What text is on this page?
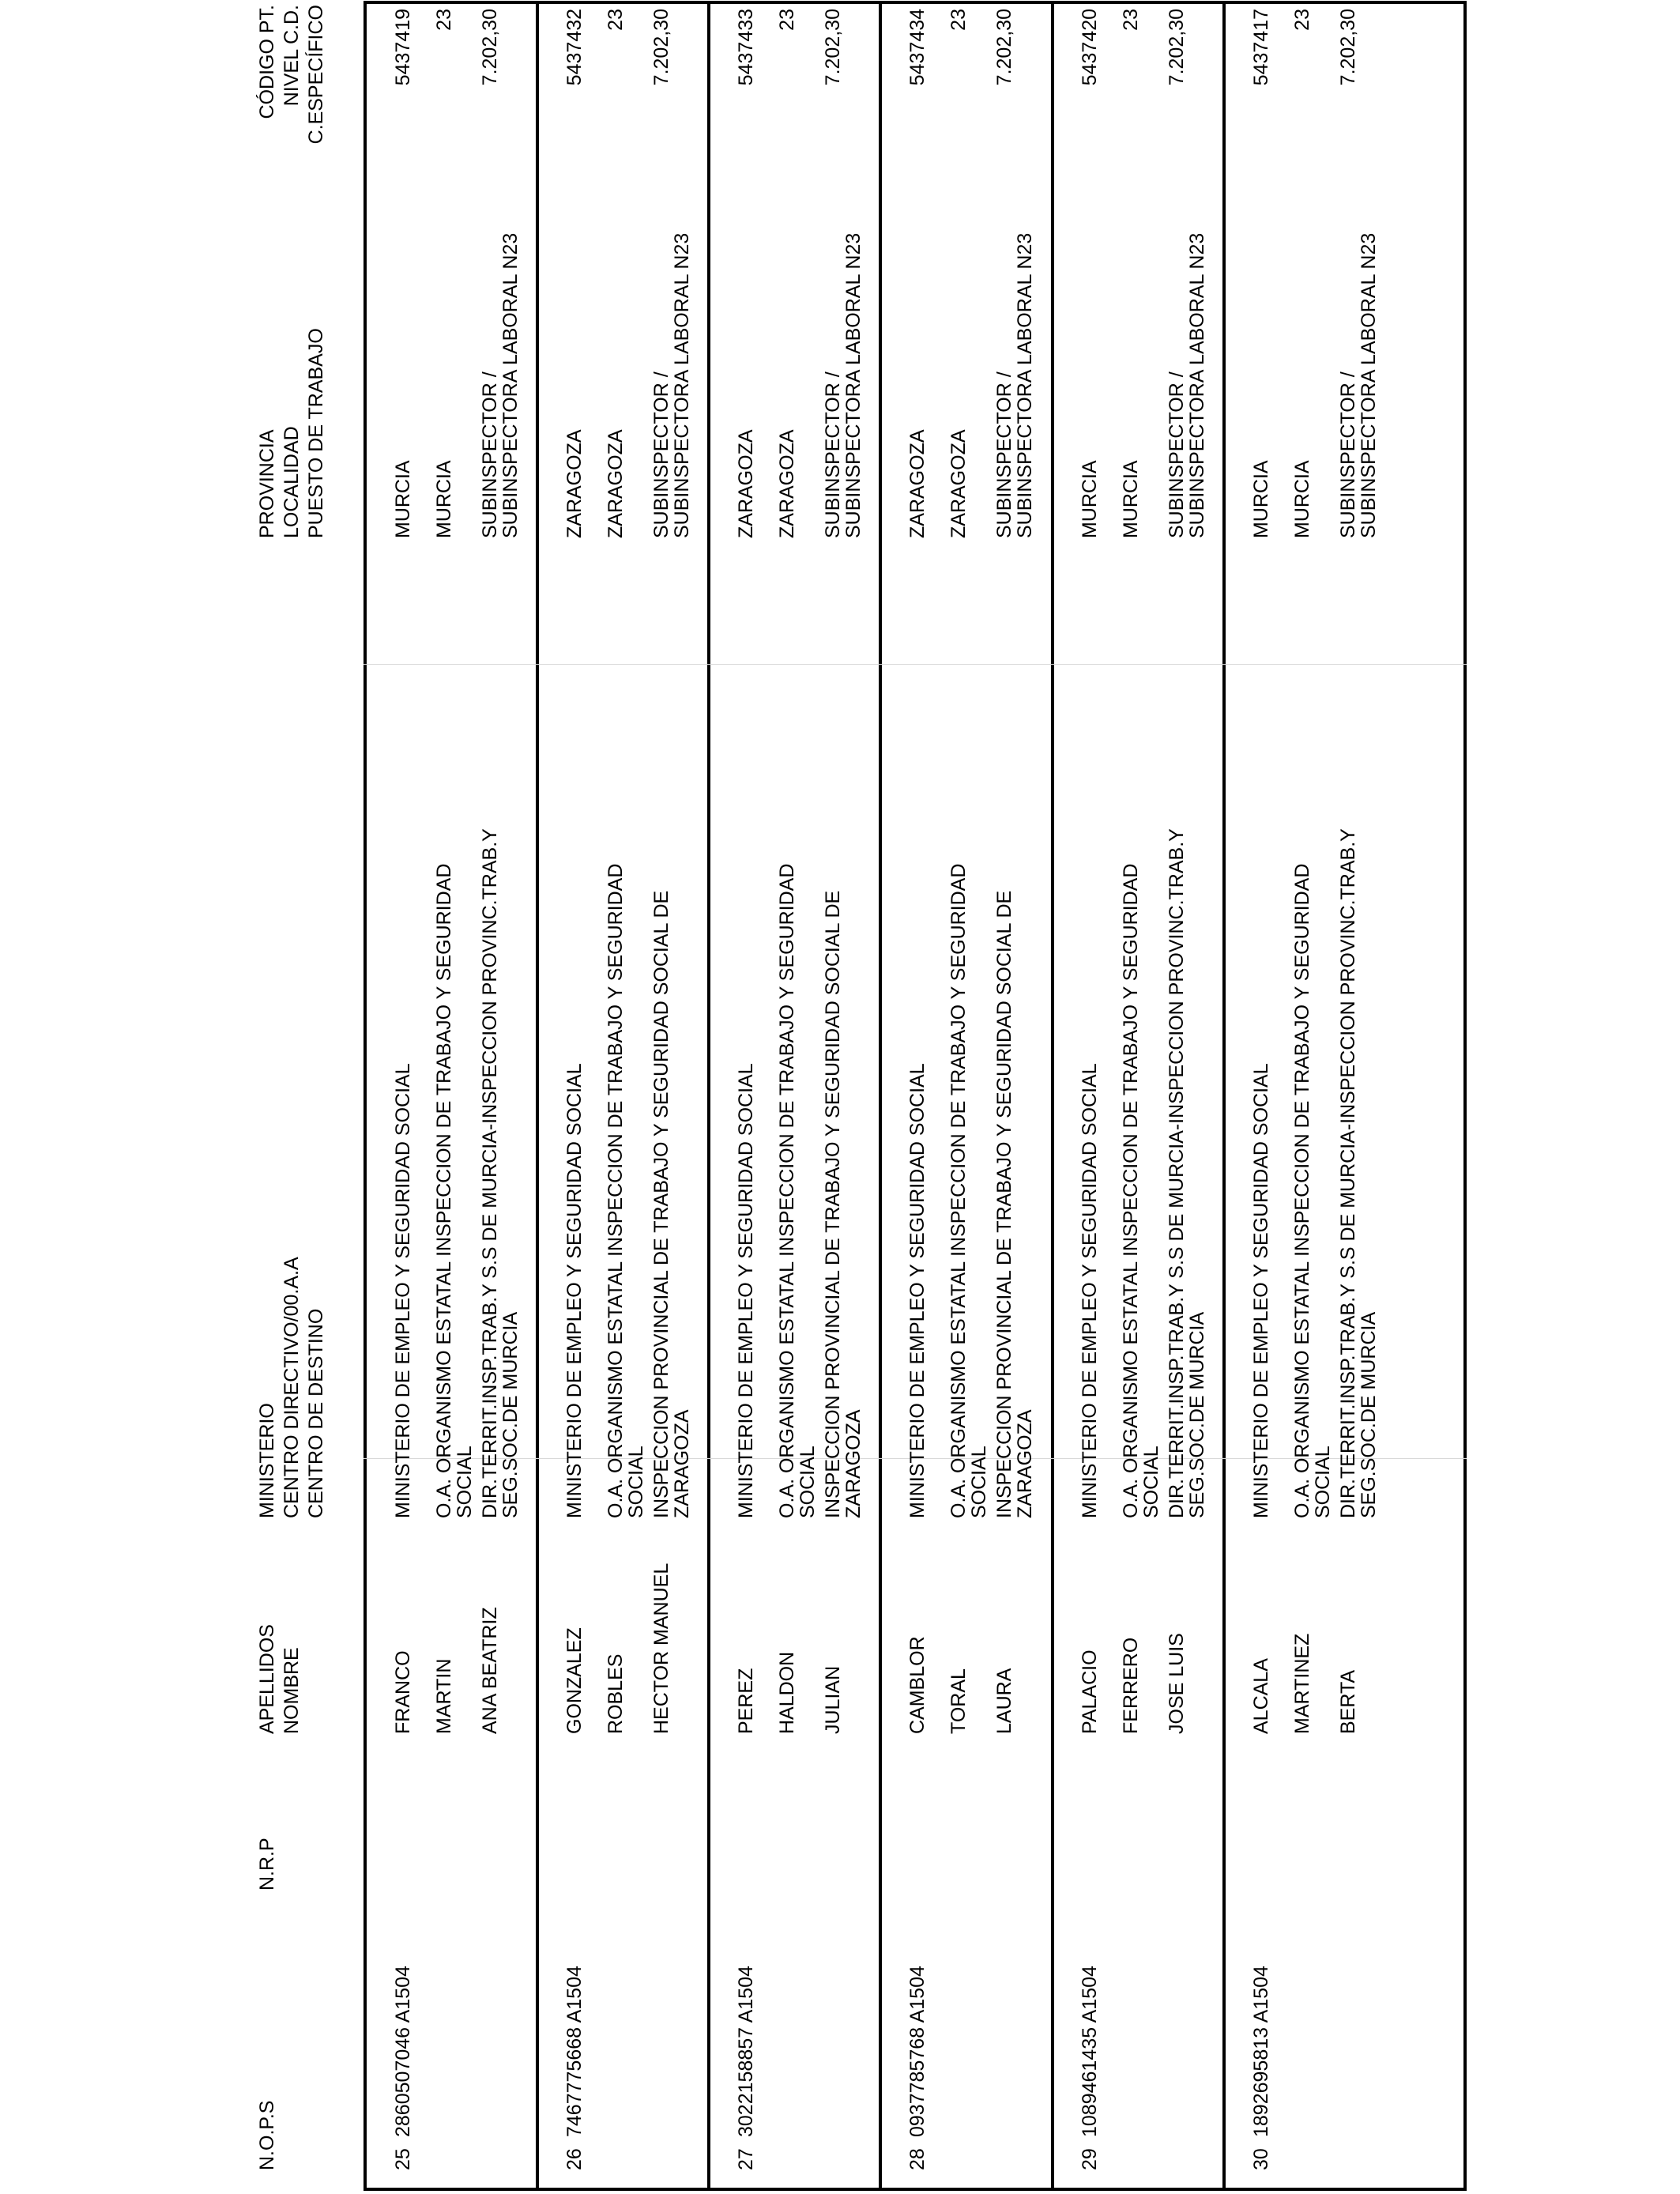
N.O.P.S
N.R.P
APELLIDOS NOMBRE
MINISTERIO CENTRO DIRECTIVO/00.A.A CENTRO DE DESTINO
PROVINCIA LOCALIDAD PUESTO DE TRABAJO
CÓDIGO PT. NIVEL C.D. C.ESPECÍFICO
25
2860507046 A1504
FRANCO MARTIN ANA BEATRIZ
MINISTERIO DE EMPLEO Y SEGURIDAD SOCIAL O.A. ORGANISMO ESTATAL INSPECCION DE TRABAJO Y SEGURIDAD
SOCIAL DIR.TERRIT.INSP.TRAB.Y S.S DE MURCIA-INSPECCION PROVINC.TRAB.Y
SEG.SOC.DE MURCIA
MURCIA MURCIA SUBINSPECTOR /
SUBINSPECTORA LABORAL N23
5437419 23 7.202,30
26
7467775668 A1504
GONZALEZ ROBLES HECTOR MANUEL
MINISTERIO DE EMPLEO Y SEGURIDAD SOCIAL O.A. ORGANISMO ESTATAL INSPECCION DE TRABAJO Y SEGURIDAD
SOCIAL INSPECCION PROVINCIAL DE TRABAJO Y SEGURIDAD SOCIAL DE
ZARAGOZA
ZARAGOZA ZARAGOZA SUBINSPECTOR /
SUBINSPECTORA LABORAL N23
5437432 23 7.202,30
27
3022158857 A1504
PEREZ HALDON JULIAN
MINISTERIO DE EMPLEO Y SEGURIDAD SOCIAL O.A. ORGANISMO ESTATAL INSPECCION DE TRABAJO Y SEGURIDAD
SOCIAL INSPECCION PROVINCIAL DE TRABAJO Y SEGURIDAD SOCIAL DE
ZARAGOZA
ZARAGOZA ZARAGOZA SUBINSPECTOR /
SUBINSPECTORA LABORAL N23
5437433 23 7.202,30
28
0937785768 A1504
CAMBLOR TORAL LAURA
MINISTERIO DE EMPLEO Y SEGURIDAD SOCIAL O.A. ORGANISMO ESTATAL INSPECCION DE TRABAJO Y SEGURIDAD
SOCIAL INSPECCION PROVINCIAL DE TRABAJO Y SEGURIDAD SOCIAL DE
ZARAGOZA
ZARAGOZA ZARAGOZA SUBINSPECTOR /
SUBINSPECTORA LABORAL N23
5437434 23 7.202,30
29
1089461435 A1504
PALACIO FERRERO JOSE LUIS
MINISTERIO DE EMPLEO Y SEGURIDAD SOCIAL O.A. ORGANISMO ESTATAL INSPECCION DE TRABAJO Y SEGURIDAD
SOCIAL DIR.TERRIT.INSP.TRAB.Y S.S DE MURCIA-INSPECCION PROVINC.TRAB.Y
SEG.SOC.DE MURCIA
MURCIA MURCIA SUBINSPECTOR /
SUBINSPECTORA LABORAL N23
5437420 23 7.202,30
30
1892695813 A1504
ALCALA MARTINEZ BERTA
MINISTERIO DE EMPLEO Y SEGURIDAD SOCIAL O.A. ORGANISMO ESTATAL INSPECCION DE TRABAJO Y SEGURIDAD
SOCIAL DIR.TERRIT.INSP.TRAB.Y S.S DE MURCIA-INSPECCION PROVINC.TRAB.Y
SEG.SOC.DE MURCIA
MURCIA MURCIA SUBINSPECTOR /
SUBINSPECTORA LABORAL N23
5437417 23 7.202,30
